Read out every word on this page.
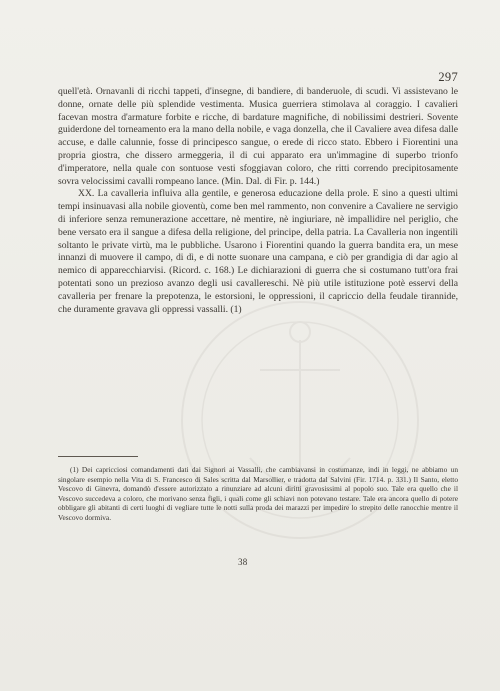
297

quell'età. Ornavanli di ricchi tappeti, d'insegne, di bandiere, di banderuole, di scudi. Vi assistevano le donne, ornate delle più splendide vestimenta. Musica guerriera stimolava al coraggio. I cavalieri facevan mostra d'armature forbite e ricche, di bardature magnifiche, di nobilissimi destrieri. Sovente guiderdone del torneamento era la mano della nobile, e vaga donzella, che il Cavaliere avea difesa dalle accuse, e dalle calunnie, fosse di principesco sangue, o erede di ricco stato. Ebbero i Fiorentini una propria giostra, che dissero armeggeria, il di cui apparato era un'immagine di superbo trionfo d'imperatore, nella quale con sontuose vesti sfoggiavan coloro, che ritti correndo precipitosamente sovra velocissimi cavalli rompeano lance. (Min. Dal. di Fir. p. 144.)

XX. La cavalleria influiva alla gentile, e generosa educazione della prole. E sino a questi ultimi tempi insinuavasi alla nobile gioventù, come ben mel rammento, non convenire a Cavaliere ne servigio di inferiore senza remunerazione accettare, nè mentire, nè ingiuriare, nè impallidire nel periglio, che bene versato era il sangue a difesa della religione, del principe, della patria. La Cavalleria non ingentilì soltanto le private virtù, ma le pubbliche. Usarono i Fiorentini quando la guerra bandita era, un mese innanzi di muovere il campo, di dì, e di notte suonare una campana, e ciò per grandigia di dar agio al nemico di apparecchiarvisi. (Ricord. c. 168.) Le dichiarazioni di guerra che si costumano tutt'ora frai potentati sono un prezioso avanzo degli usi cavallereschi. Nè più utile istituzione potè esservi della cavalleria per frenare la prepotenza, le estorsioni, le oppressioni, il capriccio della feudale tirannide, che duramente gravava gli oppressi vassalli. (1)

(1) Dei capricciosi comandamenti dati dai Signori ai Vassalli, che cambiavansi in costumanze, indi in leggi, ne abbiamo un singolare esempio nella Vita di S. Francesco di Sales scritta dal Marsollier, e tradotta dal Salvini (Fir. 1714. p. 331.) Il Santo, eletto Vescovo di Ginevra, domandò d'essere autorizzato a rinunziare ad alcuni diritti gravosissimi al popolo suo. Tale era quello che il Vescovo succedeva a coloro, che morivano senza figli, i quali come gli schiavi non potevano testare. Tale era ancora quello di potere obbligare gli abitanti di certi luoghi di vegliare tutte le notti sulla proda dei marazzi per impedire lo strepito delle ranocchie mentre il Vescovo dormiva.

38
